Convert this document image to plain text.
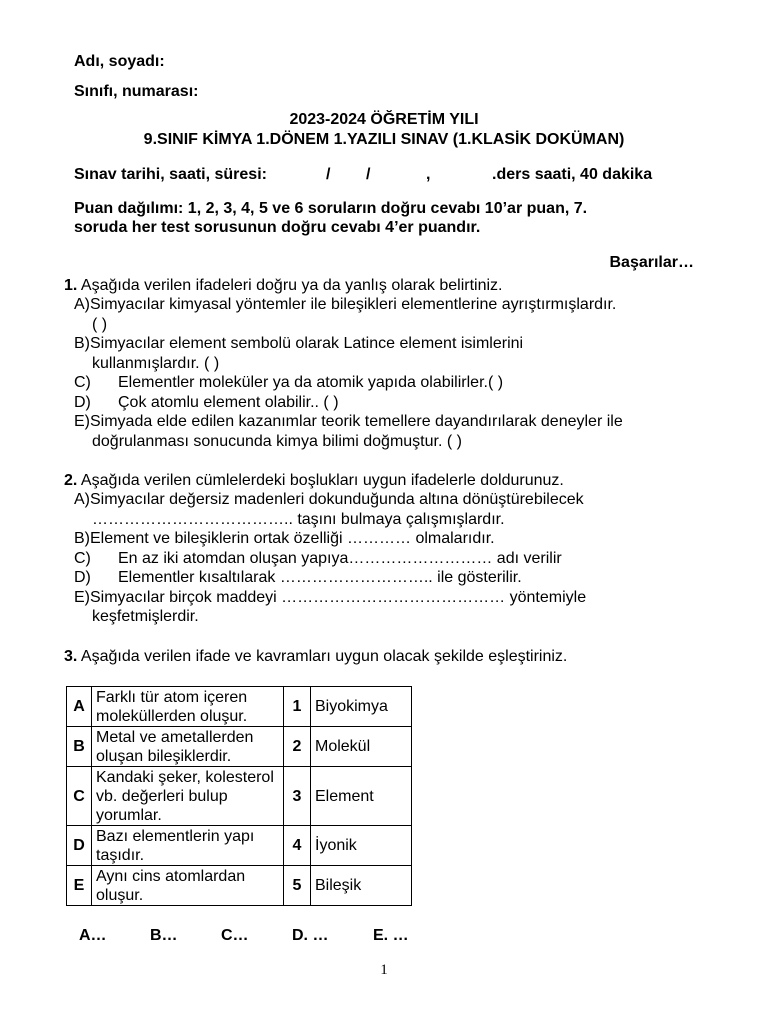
Adı, soyadı:
Sınıfı, numarası:
2023-2024 ÖĞRETİM YILI
9.SINIF KİMYA 1.DÖNEM 1.YAZILI SINAV (1.KLASİK DOKÜMAN)
Sınav tarihi, saati, süresi:	/ /	,	.ders saati, 40 dakika
Puan dağılımı: 1, 2, 3, 4, 5 ve 6 soruların doğru cevabı 10’ar puan, 7.
soruda her test sorusunun doğru cevabı 4’er puandır.
Başarılar…
1. Aşağıda verilen ifadeleri doğru ya da yanlış olarak belirtiniz.
A)Simyacılar kimyasal yöntemler ile bileşikleri elementlerine ayrıştırmışlardır.
( )
B)Simyacılar element sembolü olarak Latince element isimlerini
kullanmışlardır. ( )
C) Elementler moleküler ya da atomik yapıda olabilirler.( )
D) Çok atomlu element olabilir.. ( )
E)Simyada elde edilen kazanımlar teorik temellere dayandırılarak deneyler ile
doğrulanması sonucunda kimya bilimi doğmuştur. ( )
2. Aşağıda verilen cümlelerdeki boşlukları uygun ifadelerle doldurunuz.
A)Simyacılar değersiz madenleri dokunduğunda altına dönüştürebilecek
……………………………….. taşını bulmaya çalışmışlardır.
B)Element ve bileşiklerin ortak özelliği ………… olmalarıdır.
C) En az iki atomdan oluşan yapıya……………………… adı verilir
D) Elementler kısaltılarak ……………………….. ile gösterilir.
E)Simyacılar birçok maddeyi …………………………………… yöntemiyle
keşfetmişlerdir.
3. Aşağıda verilen ifade ve kavramları uygun olacak şekilde eşleştiriniz.
A	Farklı tür atom içeren moleküllerden oluşur.	1	Biyokimya
B	Metal ve ametallerden oluşan bileşiklerdir.	2	Molekül
C	Kandaki şeker, kolesterol vb. değerleri bulup yorumlar.	3	Element
D	Bazı elementlerin yapı taşıdır.	4	İyonik
E	Aynı cins atomlardan oluşur.	5	Bileşik
A…	B…	C…	D. …	E. …
1
